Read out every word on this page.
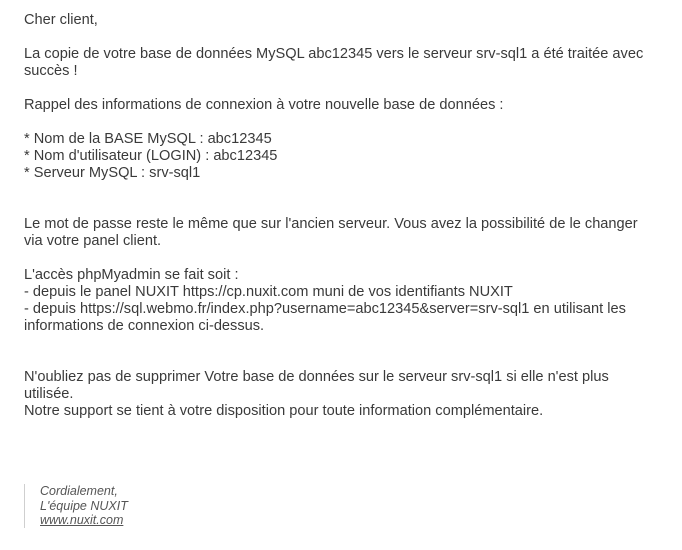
Cher client,
La copie de votre base de données MySQL abc12345 vers le serveur srv-sql1 a été traitée avec
succès !
Rappel des informations de connexion à votre nouvelle base de données :
* Nom de la BASE MySQL : abc12345
* Nom d'utilisateur (LOGIN) : abc12345
* Serveur MySQL : srv-sql1
Le mot de passe reste le même que sur l'ancien serveur. Vous avez la possibilité de le changer
via votre panel client.
L'accès phpMyadmin se fait soit :
- depuis le panel NUXIT https://cp.nuxit.com muni de vos identifiants NUXIT
- depuis https://sql.webmo.fr/index.php?username=abc12345&server=srv-sql1 en utilisant les
informations de connexion ci-dessus.
N'oubliez pas de supprimer Votre base de données sur le serveur srv-sql1 si elle n'est plus
utilisée.
Notre support se tient à votre disposition pour toute information complémentaire.
Cordialement,
L'équipe NUXIT
www.nuxit.com
